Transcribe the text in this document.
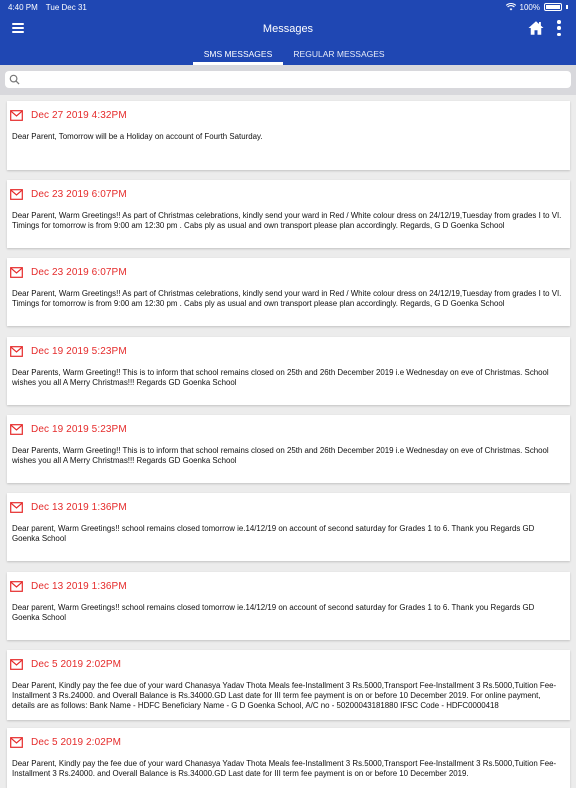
4:40 PM Tue Dec 31	100%
Messages
SMS MESSAGES	REGULAR MESSAGES
Dec 27 2019 4:32PM
Dear Parent, Tomorrow will be a Holiday on account of Fourth Saturday.
Dec 23 2019 6:07PM
Dear Parent, Warm Greetings!! As part of Christmas celebrations, kindly send your ward in Red / White colour dress on 24/12/19,Tuesday from grades I to VI. Timings for tomorrow is from 9:00 am 12:30 pm . Cabs ply as usual and own transport please plan accordingly. Regards, G D Goenka School
Dec 23 2019 6:07PM
Dear Parent, Warm Greetings!! As part of Christmas celebrations, kindly send your ward in Red / White colour dress on 24/12/19,Tuesday from grades I to VI. Timings for tomorrow is from 9:00 am 12:30 pm . Cabs ply as usual and own transport please plan accordingly. Regards, G D Goenka School
Dec 19 2019 5:23PM
Dear Parents, Warm Greeting!! This is to inform that school remains closed on 25th and 26th December 2019 i.e Wednesday on eve of Christmas. School wishes you all A Merry Christmas!!! Regards GD Goenka School
Dec 19 2019 5:23PM
Dear Parents, Warm Greeting!! This is to inform that school remains closed on 25th and 26th December 2019 i.e Wednesday on eve of Christmas. School wishes you all A Merry Christmas!!! Regards GD Goenka School
Dec 13 2019 1:36PM
Dear parent, Warm Greetings!! school remains closed tomorrow ie.14/12/19 on account of second saturday for Grades 1 to 6. Thank you Regards GD Goenka School
Dec 13 2019 1:36PM
Dear parent, Warm Greetings!! school remains closed tomorrow ie.14/12/19 on account of second saturday for Grades 1 to 6. Thank you Regards GD Goenka School
Dec 5 2019 2:02PM
Dear Parent, Kindly pay the fee due of your ward Chanasya Yadav Thota Meals fee-Installment 3 Rs.5000,Transport Fee-Installment 3 Rs.5000,Tuition Fee-Installment 3 Rs.24000. and Overall Balance is Rs.34000.GD Last date for III term fee payment is on or before 10 December 2019. For online payment, details are as follows: Bank Name - HDFC Beneficiary Name - G D Goenka School, A/C no - 50200043181880 IFSC Code - HDFC0000418
Dec 5 2019 2:02PM
Dear Parent, Kindly pay the fee due of your ward Chanasya Yadav Thota Meals fee-Installment 3 Rs.5000,Transport Fee-Installment 3 Rs.5000,Tuition Fee-Installment 3 Rs.24000. and Overall Balance is Rs.34000.GD Last date for III term fee payment is on or before 10 December 2019.
